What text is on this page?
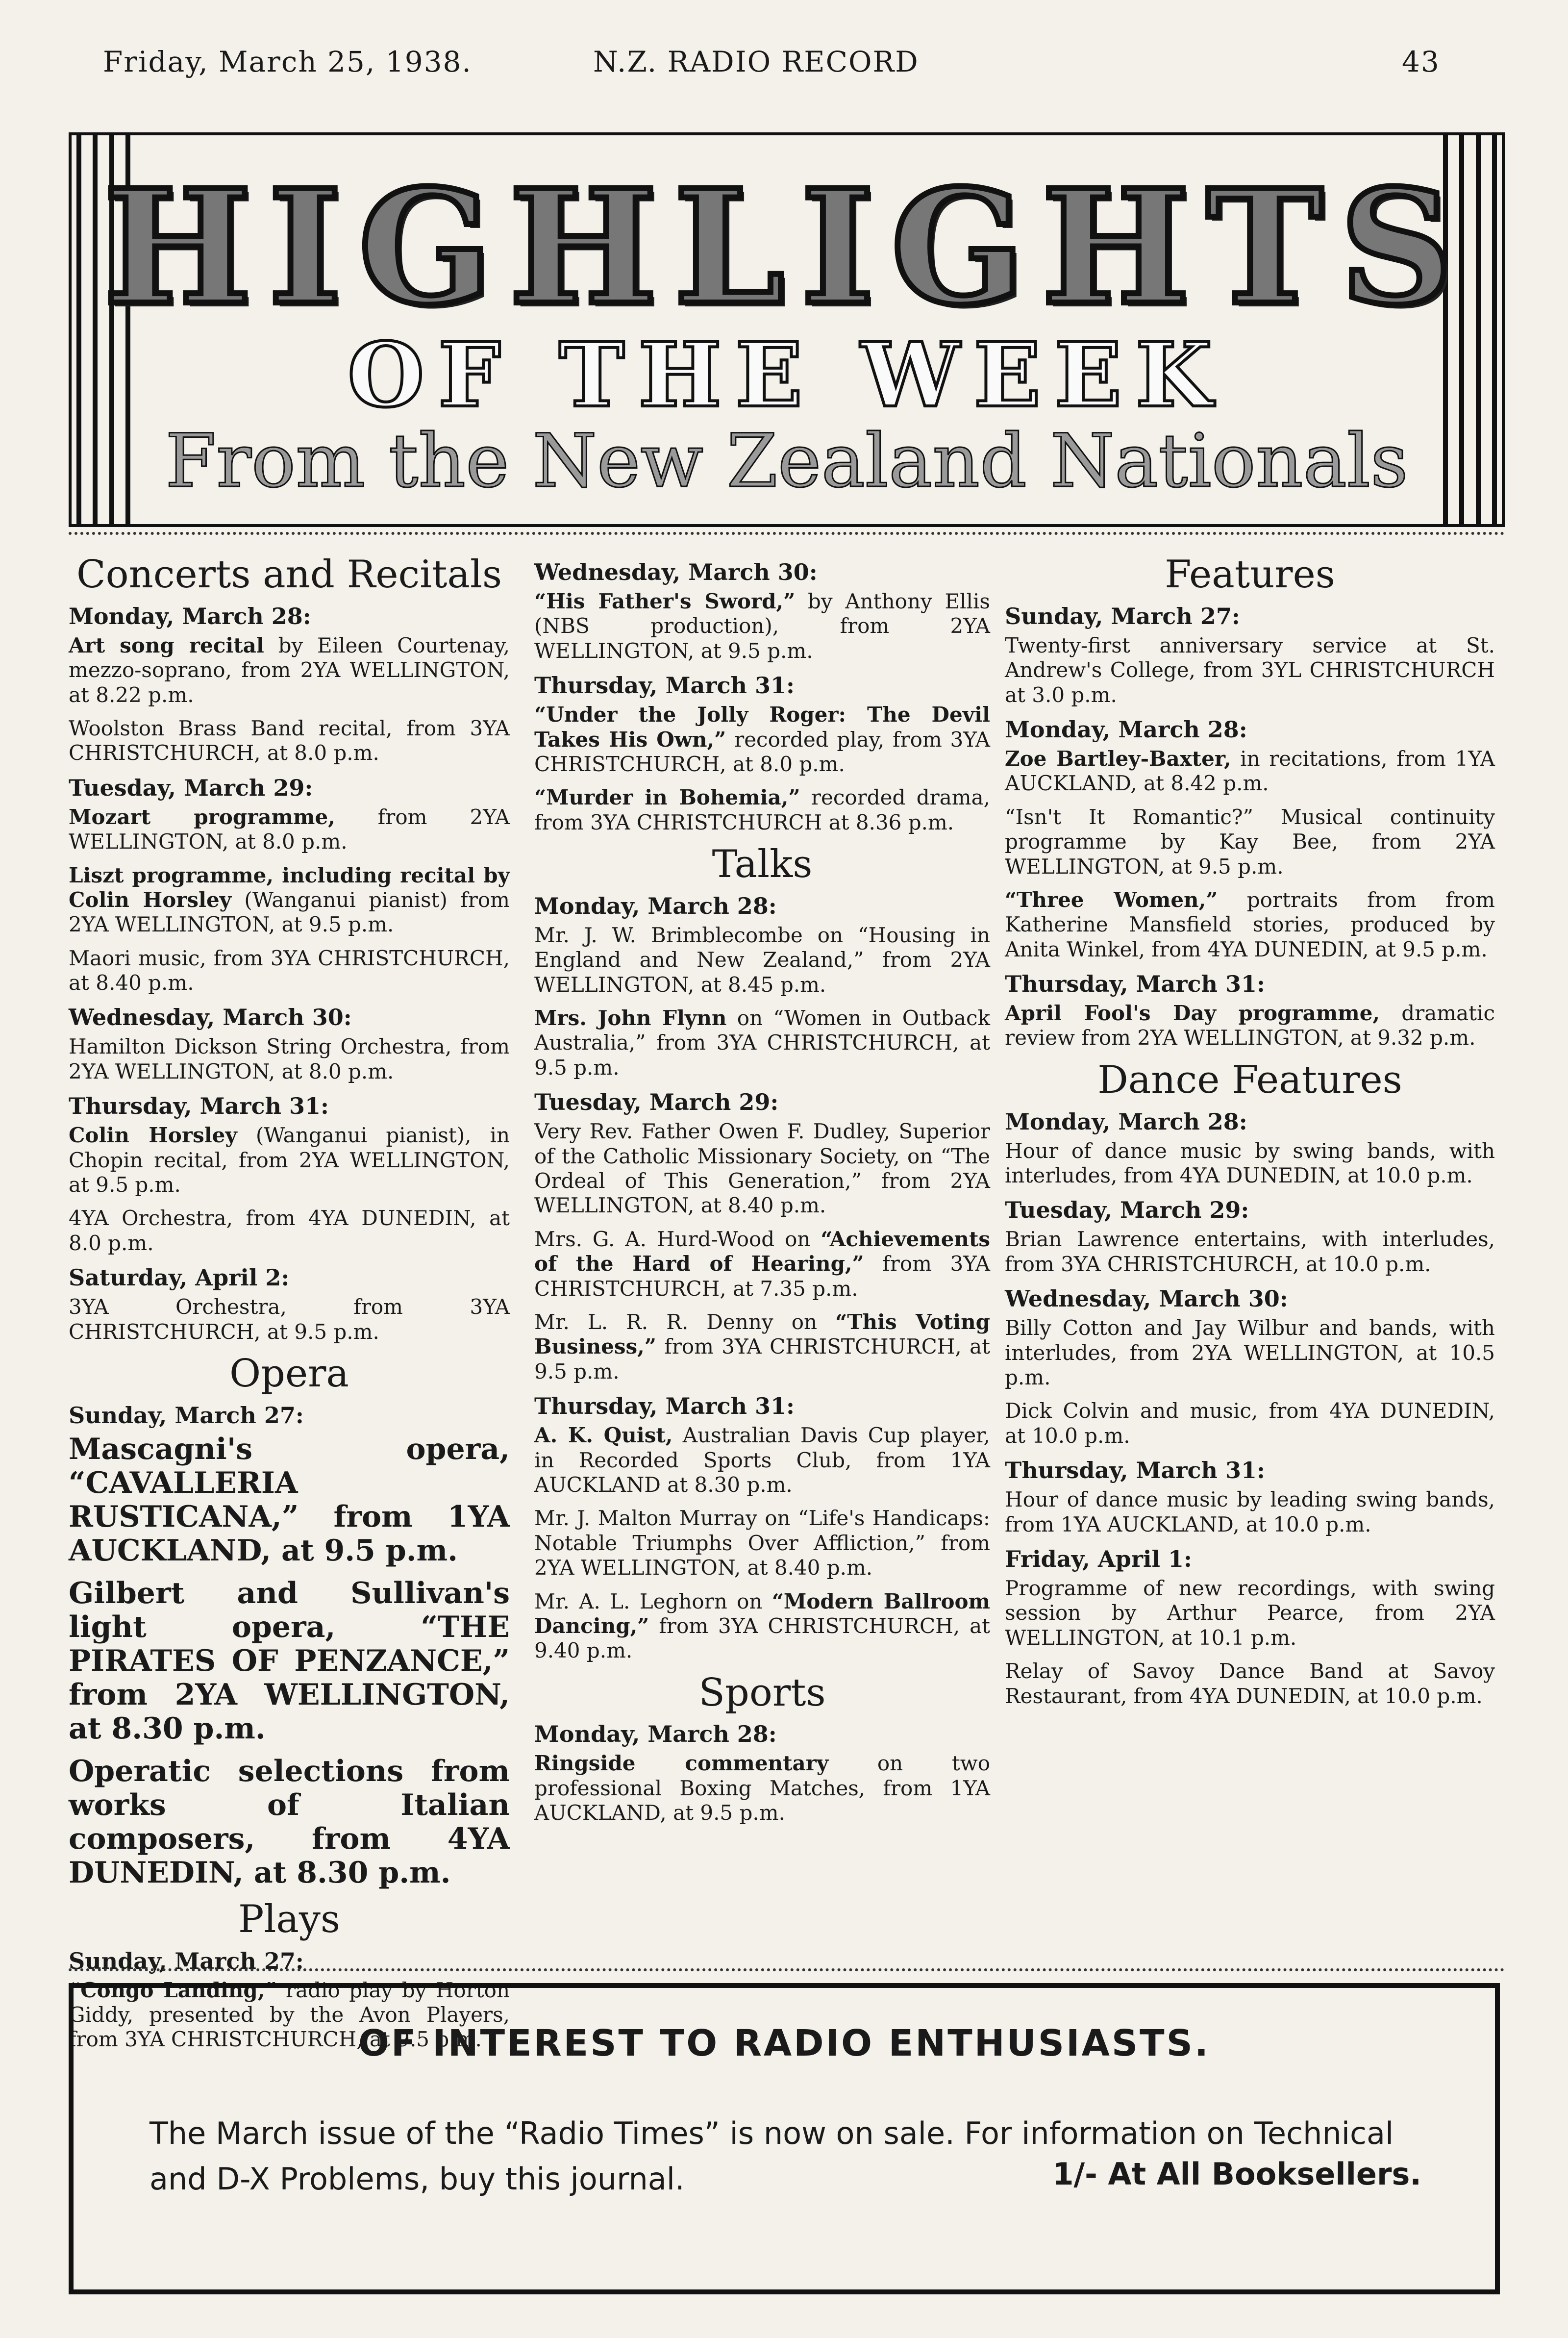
Friday, March 25, 1938.	N.Z. RADIO RECORD	43
HIGHLIGHTS
OF THE WEEK
From the New Zealand Nationals
Concerts and Recitals
Monday, March 28:

Art song recital by Eileen Courtenay, mezzo-soprano, from 2YA WELLINGTON, at 8.22 p.m.

Woolston Brass Band recital, from 3YA CHRISTCHURCH, at 8.0 p.m.

Tuesday, March 29:

Mozart programme, from 2YA WELLINGTON, at 8.0 p.m.

Liszt programme, including recital by Colin Horsley (Wanganui pianist) from 2YA WELLINGTON, at 9.5 p.m.

Maori music, from 3YA CHRISTCHURCH, at 8.40 p.m.

Wednesday, March 30:

Hamilton Dickson String Orchestra, from 2YA WELLINGTON, at 8.0 p.m.

Thursday, March 31:

Colin Horsley (Wanganui pianist), in Chopin recital, from 2YA WELLINGTON, at 9.5 p.m.

4YA Orchestra, from 4YA DUNEDIN, at 8.0 p.m.

Saturday, April 2:

3YA Orchestra, from 3YA CHRISTCHURCH, at 9.5 p.m.

Opera
Sunday, March 27:

Mascagni's opera, “CAVALLERIA RUSTICANA,” from 1YA AUCKLAND, at 9.5 p.m.

Gilbert and Sullivan's light opera, “THE PIRATES OF PENZANCE,” from 2YA WELLINGTON, at 8.30 p.m.

Operatic selections from works of Italian composers, from 4YA DUNEDIN, at 8.30 p.m.

Plays
Sunday, March 27:

“Congo Landing,” radio play by Horton Giddy, presented by the Avon Players, from 3YA CHRISTCHURCH, at 9.5 p.m.

Wednesday, March 30:

“His Father's Sword,” by Anthony Ellis (NBS production), from 2YA WELLINGTON, at 9.5 p.m.

Thursday, March 31:

“Under the Jolly Roger: The Devil Takes His Own,” recorded play, from 3YA CHRISTCHURCH, at 8.0 p.m.

“Murder in Bohemia,” recorded drama, from 3YA CHRISTCHURCH at 8.36 p.m.

Talks
Monday, March 28:

Mr. J. W. Brimblecombe on “Housing in England and New Zealand,” from 2YA WELLINGTON, at 8.45 p.m.

Mrs. John Flynn on “Women in Outback Australia,” from 3YA CHRISTCHURCH, at 9.5 p.m.

Tuesday, March 29:

Very Rev. Father Owen F. Dudley, Superior of the Catholic Missionary Society, on “The Ordeal of This Generation,” from 2YA WELLINGTON, at 8.40 p.m.

Mrs. G. A. Hurd-Wood on “Achievements of the Hard of Hearing,” from 3YA CHRISTCHURCH, at 7.35 p.m.

Mr. L. R. R. Denny on “This Voting Business,” from 3YA CHRISTCHURCH, at 9.5 p.m.

Thursday, March 31:

A. K. Quist, Australian Davis Cup player, in Recorded Sports Club, from 1YA AUCKLAND at 8.30 p.m.

Mr. J. Malton Murray on “Life's Handicaps: Notable Triumphs Over Affliction,” from 2YA WELLINGTON, at 8.40 p.m.

Mr. A. L. Leghorn on “Modern Ballroom Dancing,” from 3YA CHRISTCHURCH, at 9.40 p.m.

Sports
Monday, March 28:

Ringside commentary on two professional Boxing Matches, from 1YA AUCKLAND, at 9.5 p.m.

Features
Sunday, March 27:

Twenty-first anniversary service at St. Andrew's College, from 3YL CHRISTCHURCH at 3.0 p.m.

Monday, March 28:

Zoe Bartley-Baxter, in recitations, from 1YA AUCKLAND, at 8.42 p.m.

“Isn't It Romantic?” Musical continuity programme by Kay Bee, from 2YA WELLINGTON, at 9.5 p.m.

“Three Women,” portraits from from Katherine Mansfield stories, produced by Anita Winkel, from 4YA DUNEDIN, at 9.5 p.m.

Thursday, March 31:

April Fool's Day programme, dramatic review from 2YA WELLINGTON, at 9.32 p.m.

Dance Features
Monday, March 28:

Hour of dance music by swing bands, with interludes, from 4YA DUNEDIN, at 10.0 p.m.

Tuesday, March 29:

Brian Lawrence entertains, with interludes, from 3YA CHRISTCHURCH, at 10.0 p.m.

Wednesday, March 30:

Billy Cotton and Jay Wilbur and bands, with interludes, from 2YA WELLINGTON, at 10.5 p.m.

Dick Colvin and music, from 4YA DUNEDIN, at 10.0 p.m.

Thursday, March 31:

Hour of dance music by leading swing bands, from 1YA AUCKLAND, at 10.0 p.m.

Friday, April 1:

Programme of new recordings, with swing session by Arthur Pearce, from 2YA WELLINGTON, at 10.1 p.m.

Relay of Savoy Dance Band at Savoy Restaurant, from 4YA DUNEDIN, at 10.0 p.m.

OF INTEREST TO RADIO ENTHUSIASTS.
The March issue of the “Radio Times” is now on sale. For information on Technical and D-X Problems, buy this journal.	1/- At All Booksellers.
